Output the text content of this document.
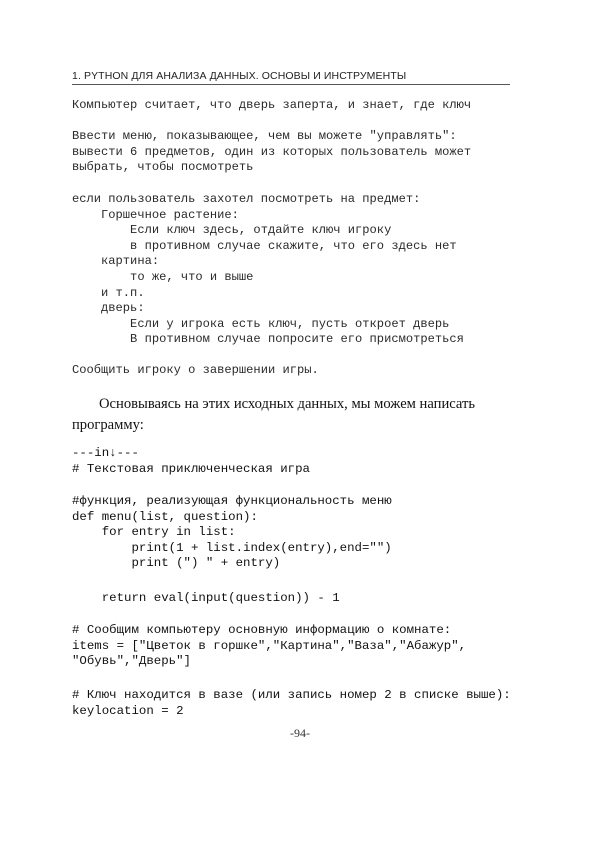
1. PYTHON ДЛЯ АНАЛИЗА ДАННЫХ. ОСНОВЫ И ИНСТРУМЕНТЫ
Компьютер считает, что дверь заперта, и знает, где ключ
Ввести меню, показывающее, чем вы можете "управлять":
вывести 6 предметов, один из которых пользователь может
выбрать, чтобы посмотреть
если пользователь захотел посмотреть на предмет:
Горшечное растение:
Если ключ здесь, отдайте ключ игроку
в противном случае скажите, что его здесь нет
картина:
то же, что и выше
и т.п.
дверь:
Если у игрока есть ключ, пусть откроет дверь
В противном случае попросите его присмотреться
Сообщить игроку о завершении игры.

Основываясь на этих исходных данных, мы можем написать программу:

---in↓---
# Текстовая приключенческая игра
#функция, реализующая функциональность меню
def menu(list, question):
for entry in list:
print(1 + list.index(entry),end="")
print (") " + entry)
return eval(input(question)) - 1
# Сообщим компьютеру основную информацию о комнате:
items = ["Цветок в горшке","Картина","Ваза","Абажур",
"Обувь","Дверь"]
# Ключ находится в вазе (или запись номер 2 в списке выше):
keylocation = 2
-94-
